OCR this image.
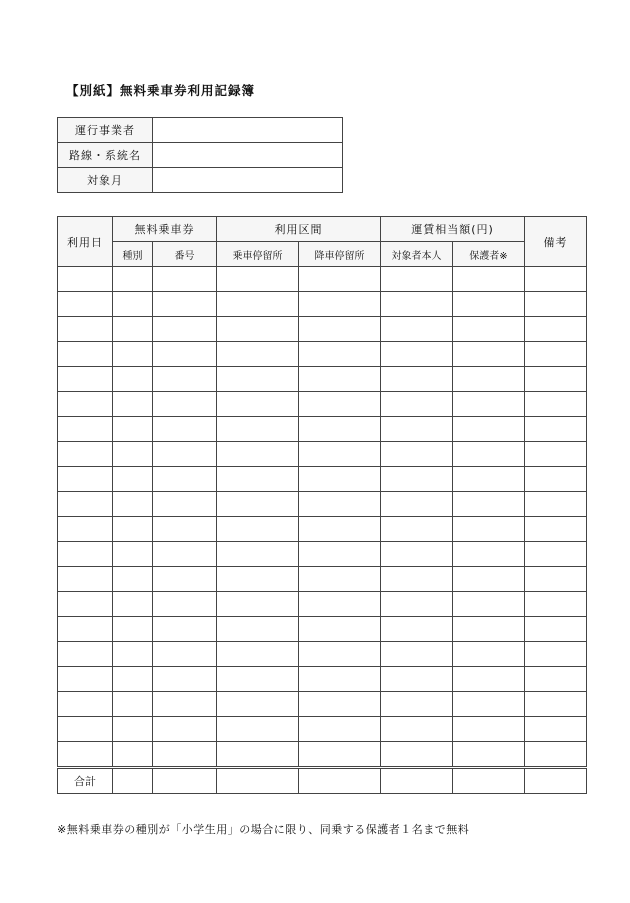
【別紙】無料乗車券利用記録簿
運行事業者	
路線・系統名	
対象月	
利用日	無料乗車券		利用区間		運賃相当額(円)		備考
	種別	番号	乗車停留所	降車停留所	対象者本人	保護者※	

合計							
※無料乗車券の種別が「小学生用」の場合に限り、同乗する保護者１名まで無料
